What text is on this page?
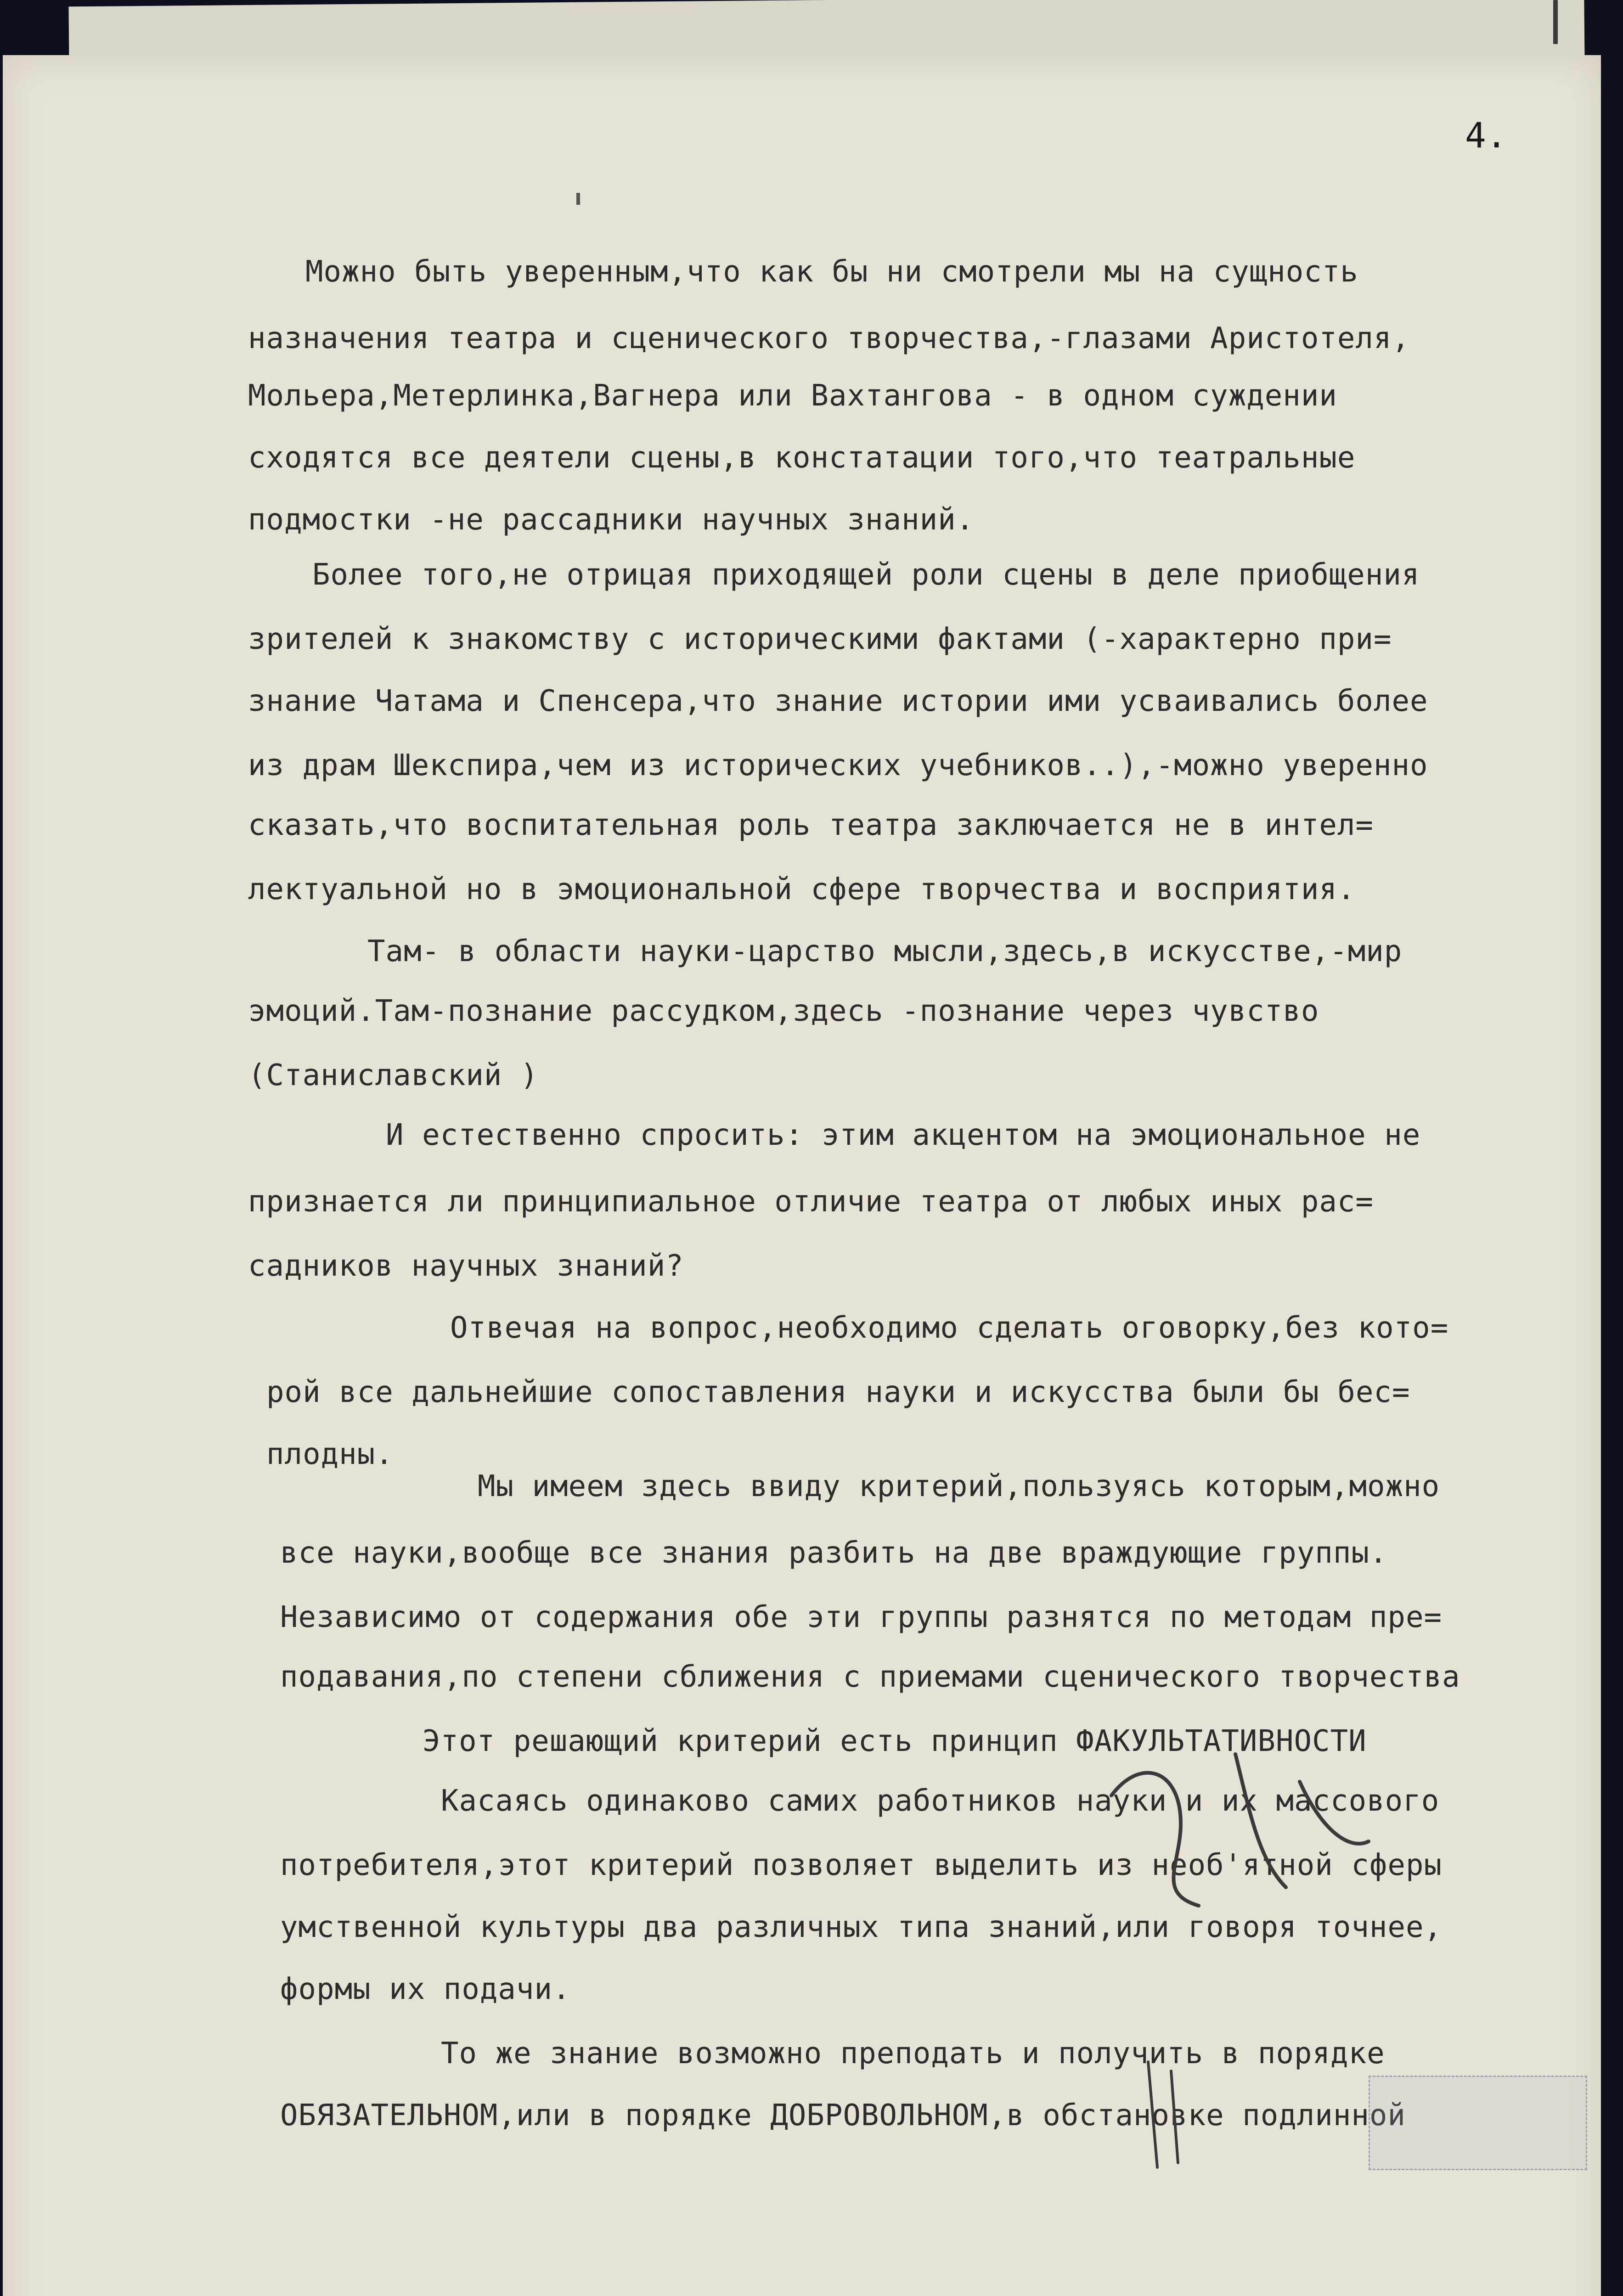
4.
Можно быть уверенным,что как бы ни смотрели мы на сущность
назначения театра и сценического творчества,-глазами Аристотеля,
Мольера,Метерлинка,Вагнера или Вахтангова - в одном суждении
сходятся все деятели сцены,в констатации того,что театральные
подмостки -не рассадники научных знаний.
Более того,не отрицая приходящей роли сцены в деле приобщения
зрителей к знакомству с историческими фактами (-характерно при=
знание Чатама и Спенсера,что знание истории ими усваивались более
из драм Шекспира,чем из исторических учебников..),-можно уверенно
сказать,что воспитательная роль театра заключается не в интел=
лектуальной но в эмоциональной сфере творчества и восприятия.
Там- в области науки-царство мысли,здесь,в искусстве,-мир
эмоций.Там-познание рассудком,здесь -познание через чувство
(Станиславский )
И естественно спросить: этим акцентом на эмоциональное не
признается ли принципиальное отличие театра от любых иных рас=
садников научных знаний?
Отвечая на вопрос,необходимо сделать оговорку,без кото=
рой все дальнейшие сопоставления науки и искусства были бы бес=
плодны.
Мы имеем здесь ввиду критерий,пользуясь которым,можно
все науки,вообще все знания разбить на две враждующие группы.
Независимо от содержания обе эти группы разнятся по методам пре=
подавания,по степени сближения с приемами сценического творчества
Этот решающий критерий есть принцип ФАКУЛЬТАТИВНОСТИ
Касаясь одинаково самих работников науки и их массового
потребителя,этот критерий позволяет выделить из необ'ятной сферы
умственной культуры два различных типа знаний,или говоря точнее,
формы их подачи.
То же знание возможно преподать и получить в порядке
ОБЯЗАТЕЛЬНОМ,или в порядке ДОБРОВОЛЬНОМ,в обстановке подлинной
